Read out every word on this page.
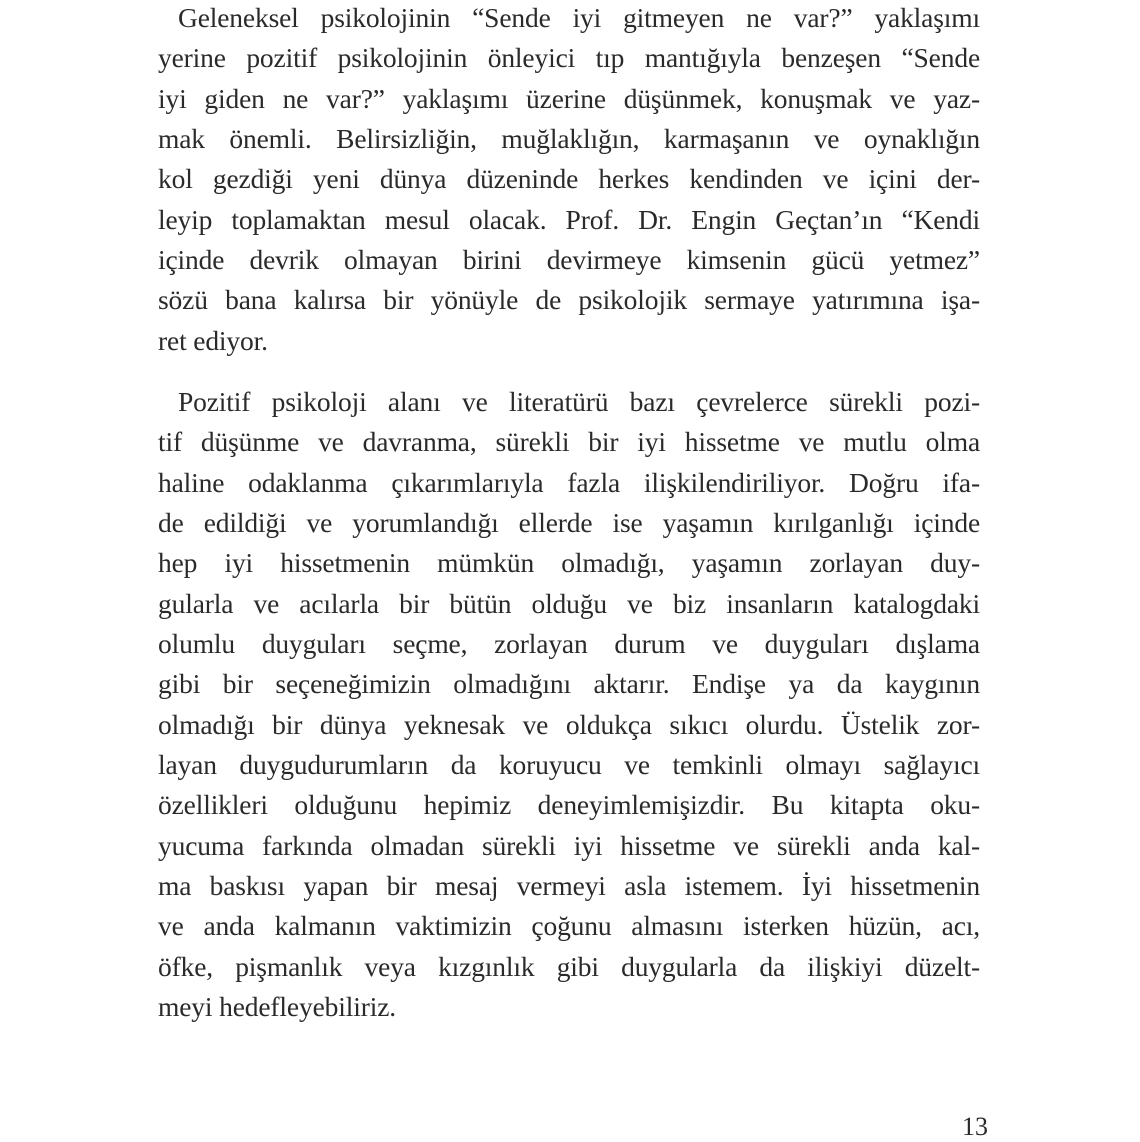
Geleneksel psikolojinin “Sende iyi gitmeyen ne var?” yaklaşımı
yerine pozitif psikolojinin önleyici tıp mantığıyla benzeşen “Sende
iyi giden ne var?” yaklaşımı üzerine düşünmek, konuşmak ve yaz-
mak önemli. Belirsizliğin, muğlaklığın, karmaşanın ve oynaklığın
kol gezdiği yeni dünya düzeninde herkes kendinden ve içini der-
leyip toplamaktan mesul olacak. Prof. Dr. Engin Geçtan’ın “Kendi
içinde devrik olmayan birini devirmeye kimsenin gücü yetmez”
sözü bana kalırsa bir yönüyle de psikolojik sermaye yatırımına işa-
ret ediyor.
Pozitif psikoloji alanı ve literatürü bazı çevrelerce sürekli pozi-
tif düşünme ve davranma, sürekli bir iyi hissetme ve mutlu olma
haline odaklanma çıkarımlarıyla fazla ilişkilendiriliyor. Doğru ifa-
de edildiği ve yorumlandığı ellerde ise yaşamın kırılganlığı içinde
hep iyi hissetmenin mümkün olmadığı, yaşamın zorlayan duy-
gularla ve acılarla bir bütün olduğu ve biz insanların katalogdaki
olumlu duyguları seçme, zorlayan durum ve duyguları dışlama
gibi bir seçeneğimizin olmadığını aktarır. Endişe ya da kaygının
olmadığı bir dünya yeknesak ve oldukça sıkıcı olurdu. Üstelik zor-
layan duygudurumların da koruyucu ve temkinli olmayı sağlayıcı
özellikleri olduğunu hepimiz deneyimlemişizdir. Bu kitapta oku-
yucuma farkında olmadan sürekli iyi hissetme ve sürekli anda kal-
ma baskısı yapan bir mesaj vermeyi asla istemem. İyi hissetmenin
ve anda kalmanın vaktimizin çoğunu almasını isterken hüzün, acı,
öfke, pişmanlık veya kızgınlık gibi duygularla da ilişkiyi düzelt-
meyi hedefleyebiliriz.
13
